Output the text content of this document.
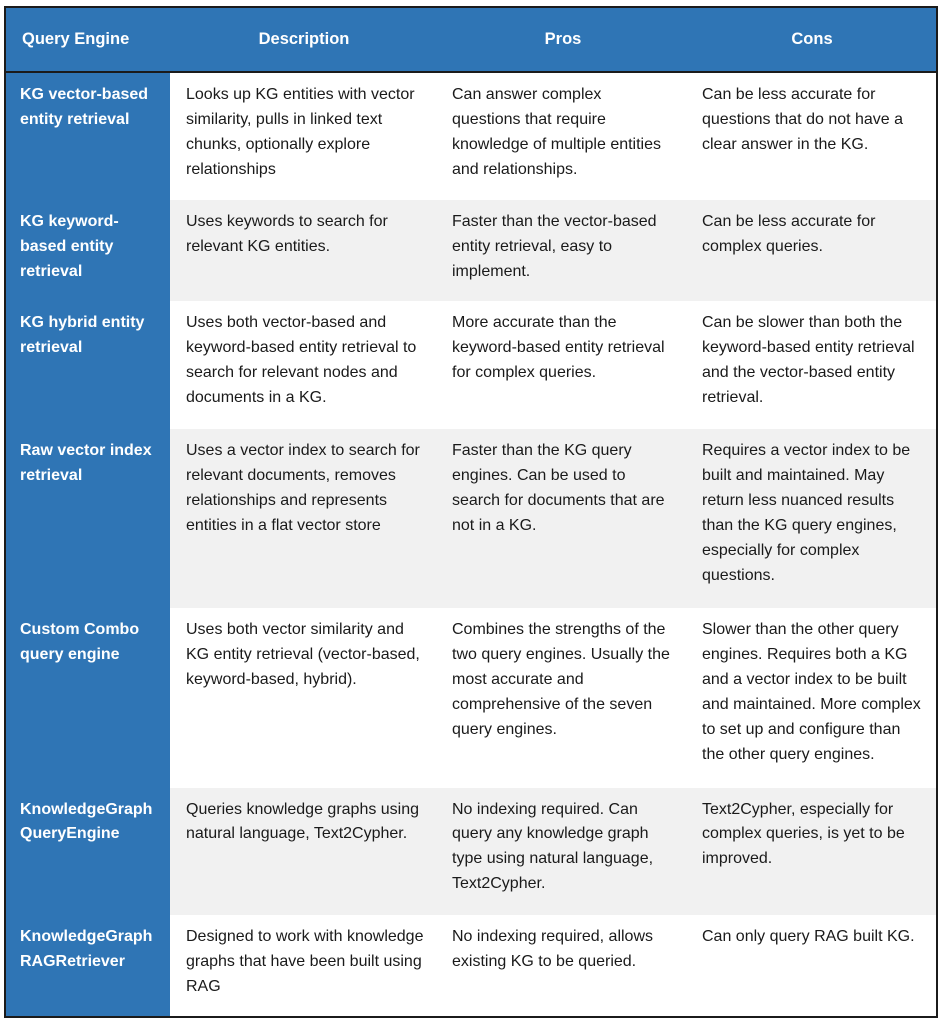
Query Engine	Description	Pros	Cons
KG vector-based entity retrieval	Looks up KG entities with vector similarity, pulls in linked text chunks, optionally explore relationships	Can answer complex questions that require knowledge of multiple entities and relationships.	Can be less accurate for questions that do not have a clear answer in the KG.
KG keyword-based entity retrieval	Uses keywords to search for relevant KG entities.	Faster than the vector-based entity retrieval, easy to implement.	Can be less accurate for complex queries.
KG hybrid entity retrieval	Uses both vector-based and keyword-based entity retrieval to search for relevant nodes and documents in a KG.	More accurate than the keyword-based entity retrieval for complex queries.	Can be slower than both the keyword-based entity retrieval and the vector-based entity retrieval.
Raw vector index retrieval	Uses a vector index to search for relevant documents, removes relationships and represents entities in a flat vector store	Faster than the KG query engines. Can be used to search for documents that are not in a KG.	Requires a vector index to be built and maintained. May return less nuanced results than the KG query engines, especially for complex questions.
Custom Combo query engine	Uses both vector similarity and KG entity retrieval (vector-based, keyword-based, hybrid).	Combines the strengths of the two query engines. Usually the most accurate and comprehensive of the seven query engines.	Slower than the other query engines. Requires both a KG and a vector index to be built and maintained. More complex to set up and configure than the other query engines.
KnowledgeGraph QueryEngine	Queries knowledge graphs using natural language, Text2Cypher.	No indexing required. Can query any knowledge graph type using natural language, Text2Cypher.	Text2Cypher, especially for complex queries, is yet to be improved.
KnowledgeGraph RAGRetriever	Designed to work with knowledge graphs that have been built using RAG	No indexing required, allows existing KG to be queried.	Can only query RAG built KG.
